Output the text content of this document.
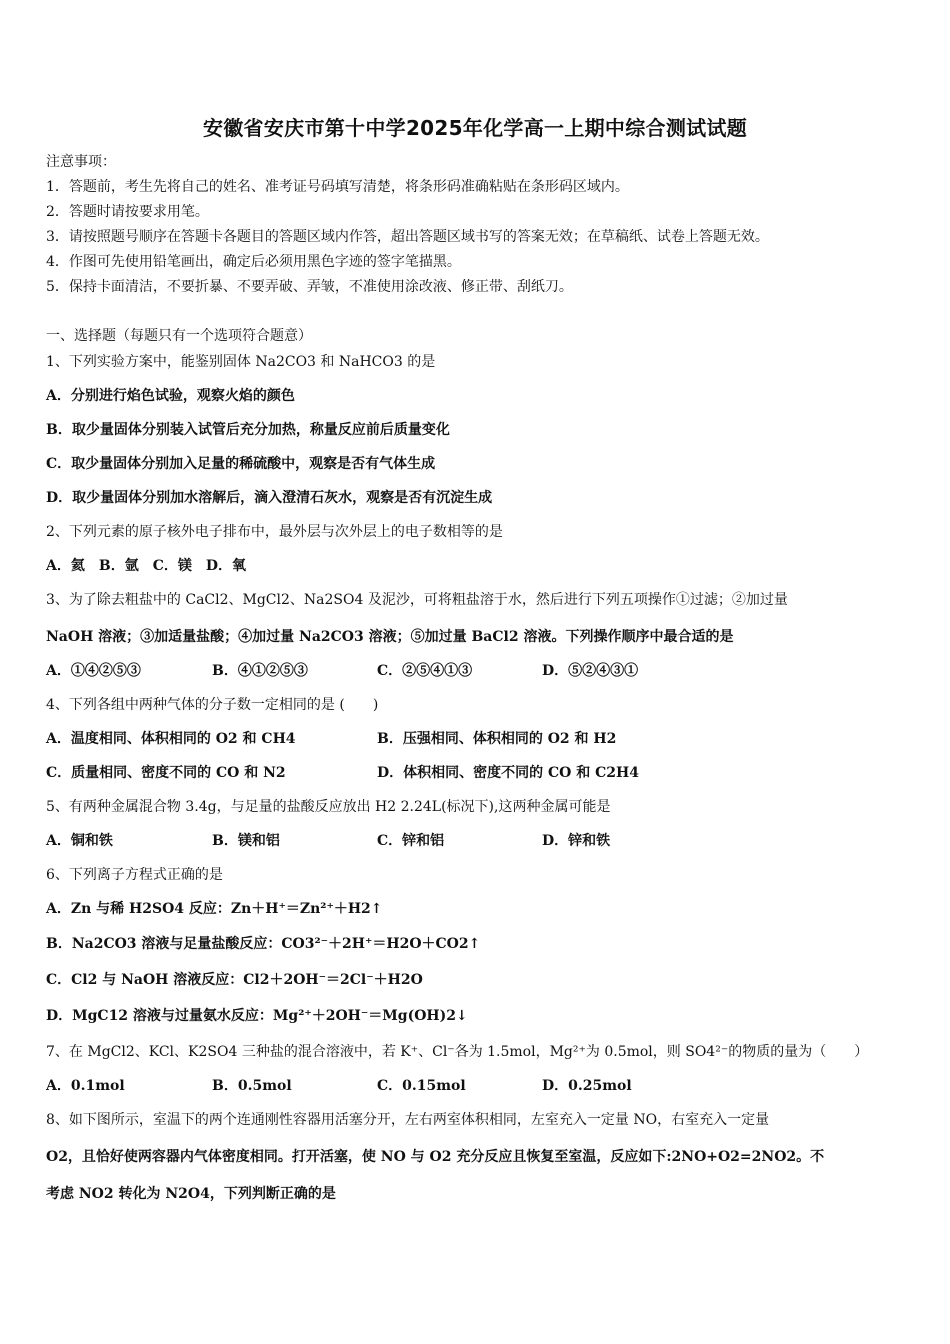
安徽省安庆市第十中学2025年化学高一上期中综合测试试题
注意事项：
1．答题前，考生先将自己的姓名、准考证号码填写清楚，将条形码准确粘贴在条形码区域内。
2．答题时请按要求用笔。
3．请按照题号顺序在答题卡各题目的答题区域内作答，超出答题区域书写的答案无效；在草稿纸、试卷上答题无效。
4．作图可先使用铅笔画出，确定后必须用黑色字迹的签字笔描黑。
5．保持卡面清洁，不要折暴、不要弄破、弄皱，不准使用涂改液、修正带、刮纸刀。
一、选择题（每题只有一个选项符合题意）
1、下列实验方案中，能鉴别固体 Na2CO3 和 NaHCO3 的是
A．分别进行焰色试验，观察火焰的颜色
B．取少量固体分别装入试管后充分加热，称量反应前后质量变化
C．取少量固体分别加入足量的稀硫酸中，观察是否有气体生成
D．取少量固体分别加水溶解后，滴入澄清石灰水，观察是否有沉淀生成
2、下列元素的原子核外电子排布中，最外层与次外层上的电子数相等的是
A．氦　B．氩　C．镁　D．氧
3、为了除去粗盐中的 CaCl2、MgCl2、Na2SO4 及泥沙，可将粗盐溶于水，然后进行下列五项操作①过滤；②加过量
NaOH 溶液；③加适量盐酸；④加过量 Na2CO3 溶液；⑤加过量 BaCl2 溶液。下列操作顺序中最合适的是
A．①④②⑤③	B．④①②⑤③	C．②⑤④①③	D．⑤②④③①
4、下列各组中两种气体的分子数一定相同的是 (　　)
A．温度相同、体积相同的 O2 和 CH4	B．压强相同、体积相同的 O2 和 H2
C．质量相同、密度不同的 CO 和 N2	D．体积相同、密度不同的 CO 和 C2H4
5、有两种金属混合物 3.4g，与足量的盐酸反应放出 H2 2.24L(标况下),这两种金属可能是
A．铜和铁	B．镁和铝	C．锌和铝	D．锌和铁
6、下列离子方程式正确的是
A．Zn 与稀 H2SO4 反应：Zn＋H⁺＝Zn²⁺＋H2↑
B．Na2CO3 溶液与足量盐酸反应：CO3²⁻＋2H⁺＝H2O＋CO2↑
C．Cl2 与 NaOH 溶液反应：Cl2＋2OH⁻＝2Cl⁻＋H2O
D．MgC12 溶液与过量氨水反应：Mg²⁺＋2OH⁻＝Mg(OH)2↓
7、在 MgCl2、KCl、K2SO4 三种盐的混合溶液中，若 K⁺、Cl⁻各为 1.5mol，Mg²⁺为 0.5mol，则 SO4²⁻的物质的量为（　　）
A．0.1mol	B．0.5mol	C．0.15mol	D．0.25mol
8、如下图所示，室温下的两个连通刚性容器用活塞分开，左右两室体积相同，左室充入一定量 NO，右室充入一定量
O2，且恰好使两容器内气体密度相同。打开活塞，使 NO 与 O2 充分反应且恢复至室温，反应如下:2NO+O2=2NO2。不
考虑 NO2 转化为 N2O4，下列判断正确的是
